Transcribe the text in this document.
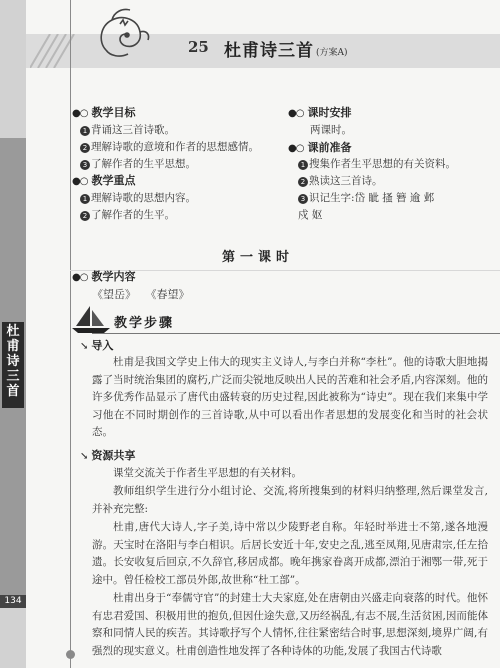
杜
甫
诗
三
首
134
25 杜甫诗三首 (方案A)
●○ 教学目标
1 背诵这三首诗歌。
2 理解诗歌的意境和作者的思想感情。
3 了解作者的生平思想。
●○ 教学重点
1 理解诗歌的思想内容。
2 了解作者的生平。
●○ 课时安排
两课时。
●○ 课前准备
1 搜集作者生平思想的有关资料。
2 熟读这三首诗。
3 识记生字:岱 眦 搔 簪 逾 邺
戍 妪
第一课时
●○ 教学内容
《望岳》 《春望》
教学步骤
↘ 导入
杜甫是我国文学史上伟大的现实主义诗人,与李白并称“李杜”。他的诗歌大胆地揭露了当时统治集团的腐朽,广泛而尖锐地反映出人民的苦难和社会矛盾,内容深刻。他的许多优秀作品显示了唐代由盛转衰的历史过程,因此被称为“诗史”。现在我们来集中学习他在不同时期创作的三首诗歌,从中可以看出作者思想的发展变化和当时的社会状态。
↘ 资源共享
课堂交流关于作者生平思想的有关材料。
教师组织学生进行分小组讨论、交流,将所搜集到的材料归纳整理,然后课堂发言,并补充完整:
杜甫,唐代大诗人,字子美,诗中常以少陵野老自称。年轻时举进士不第,遂各地漫游。天宝时在洛阳与李白相识。后居长安近十年,安史之乱,逃至凤翔,见唐肃宗,任左拾遗。长安收复后回京,不久辞官,移居成都。晚年携家眷离开成都,漂泊于湘鄂一带,死于途中。曾任检校工部员外郎,故世称“杜工部”。
杜甫出身于“奉儒守官”的封建士大夫家庭,处在唐朝由兴盛走向衰落的时代。他怀有忠君爱国、积极用世的抱负,但因仕途失意,又历经祸乱,有志不展,生活贫困,因而能体察和同情人民的疾苦。其诗歌抒写个人情怀,往往紧密结合时事,思想深刻,境界广阔,有强烈的现实意义。杜甫创造性地发挥了各种诗体的功能,发展了我国古代诗歌
